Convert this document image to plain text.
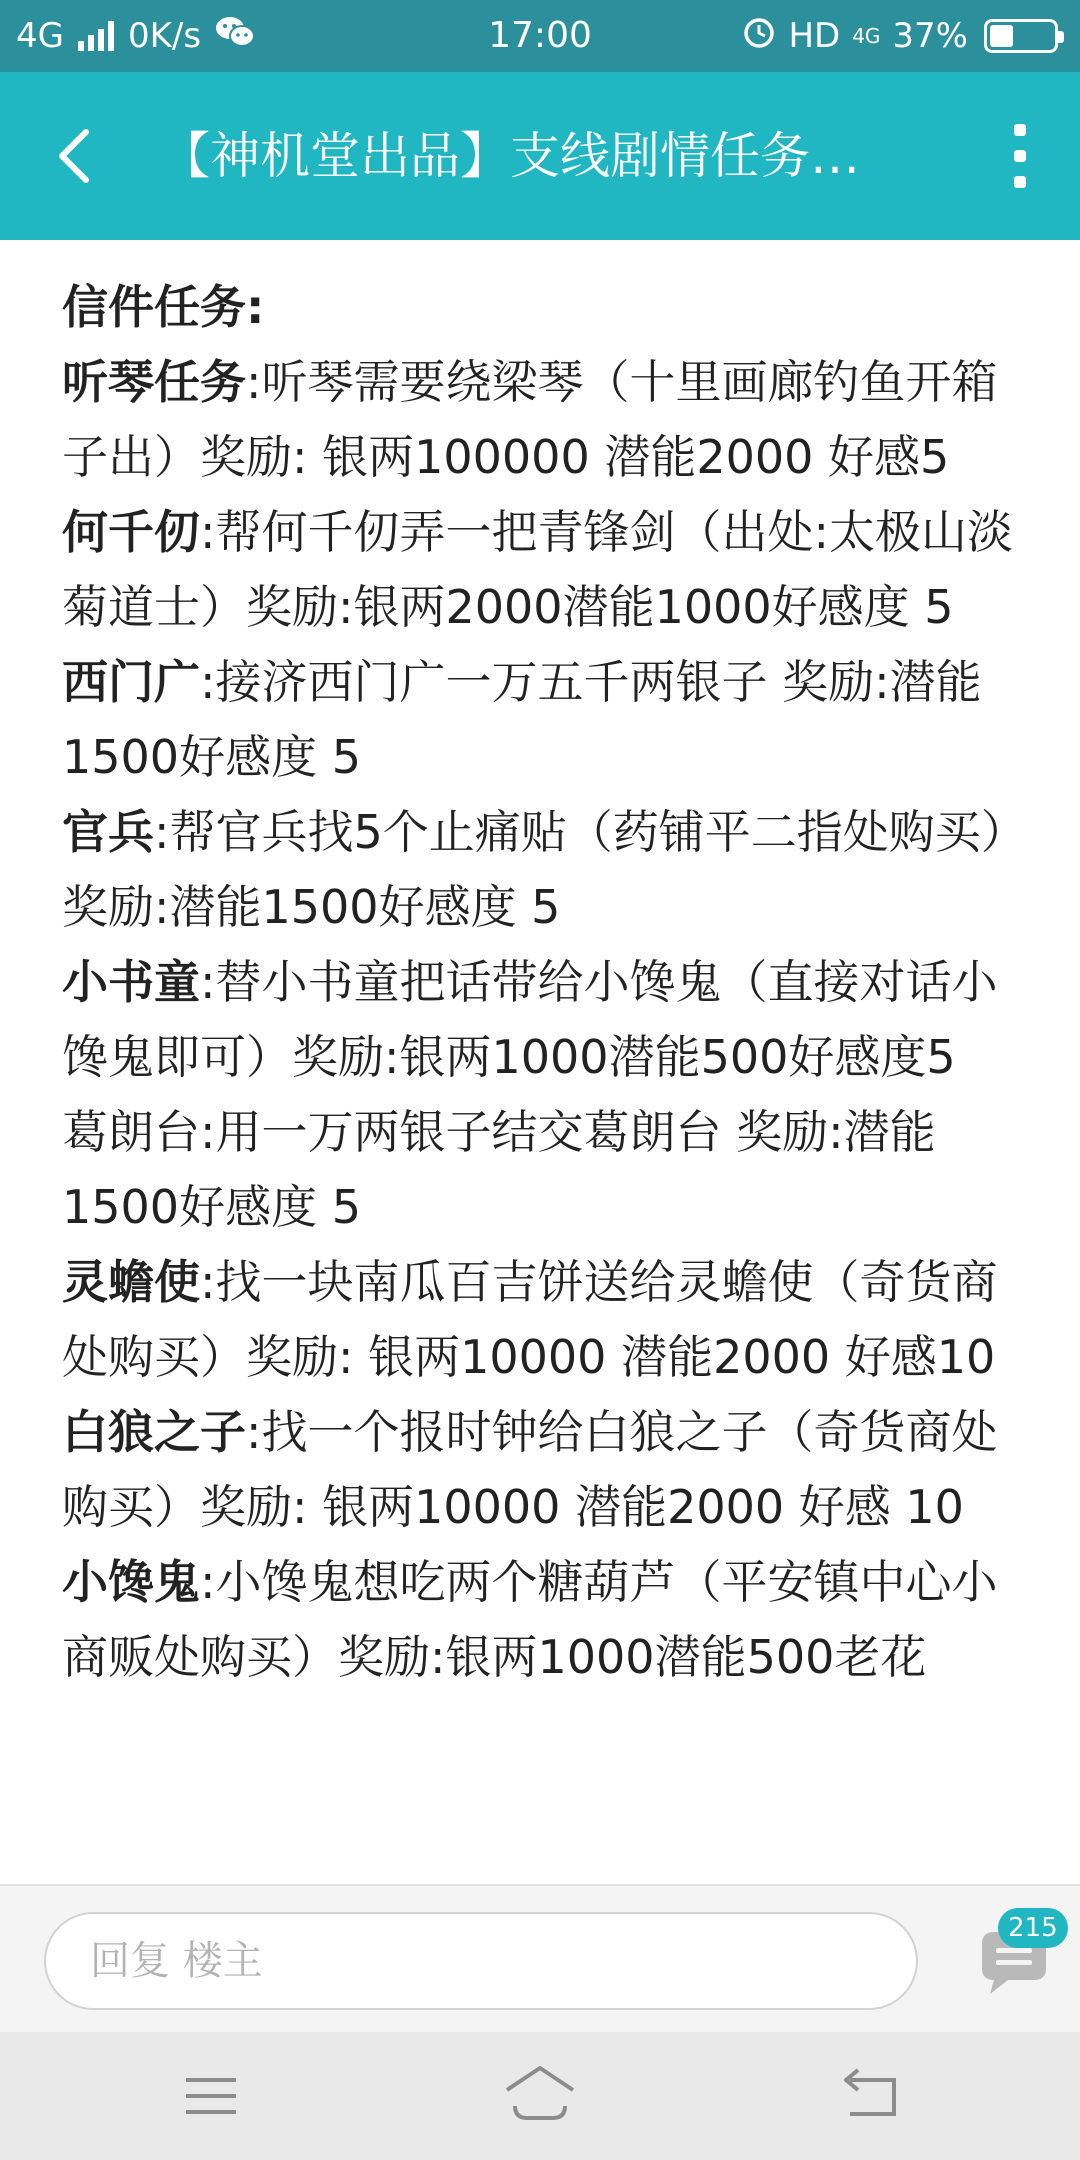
4G 0K/s	17:00	HD 4G 37%
【神机堂出品】支线剧情任务…

信件任务:

听琴任务:听琴需要绕梁琴（十里画廊钓鱼开箱子出）奖励: 银两100000 潜能2000 好感5

何千仞:帮何千仞弄一把青锋剑（出处:太极山淡菊道士）奖励:银两2000潜能1000好感度 5

西门广:接济西门广一万五千两银子 奖励:潜能1500好感度 5

官兵:帮官兵找5个止痛贴（药铺平二指处购买）奖励:潜能1500好感度 5

小书童:替小书童把话带给小馋鬼（直接对话小馋鬼即可）奖励:银两1000潜能500好感度5

葛朗台:用一万两银子结交葛朗台 奖励:潜能1500好感度 5

灵蟾使:找一块南瓜百吉饼送给灵蟾使（奇货商处购买）奖励: 银两10000 潜能2000 好感10

白狼之子:找一个报时钟给白狼之子（奇货商处购买）奖励: 银两10000 潜能2000 好感 10

小馋鬼:小馋鬼想吃两个糖葫芦（平安镇中心小商贩处购买）奖励:银两1000潜能500老花

回复 楼主
215
